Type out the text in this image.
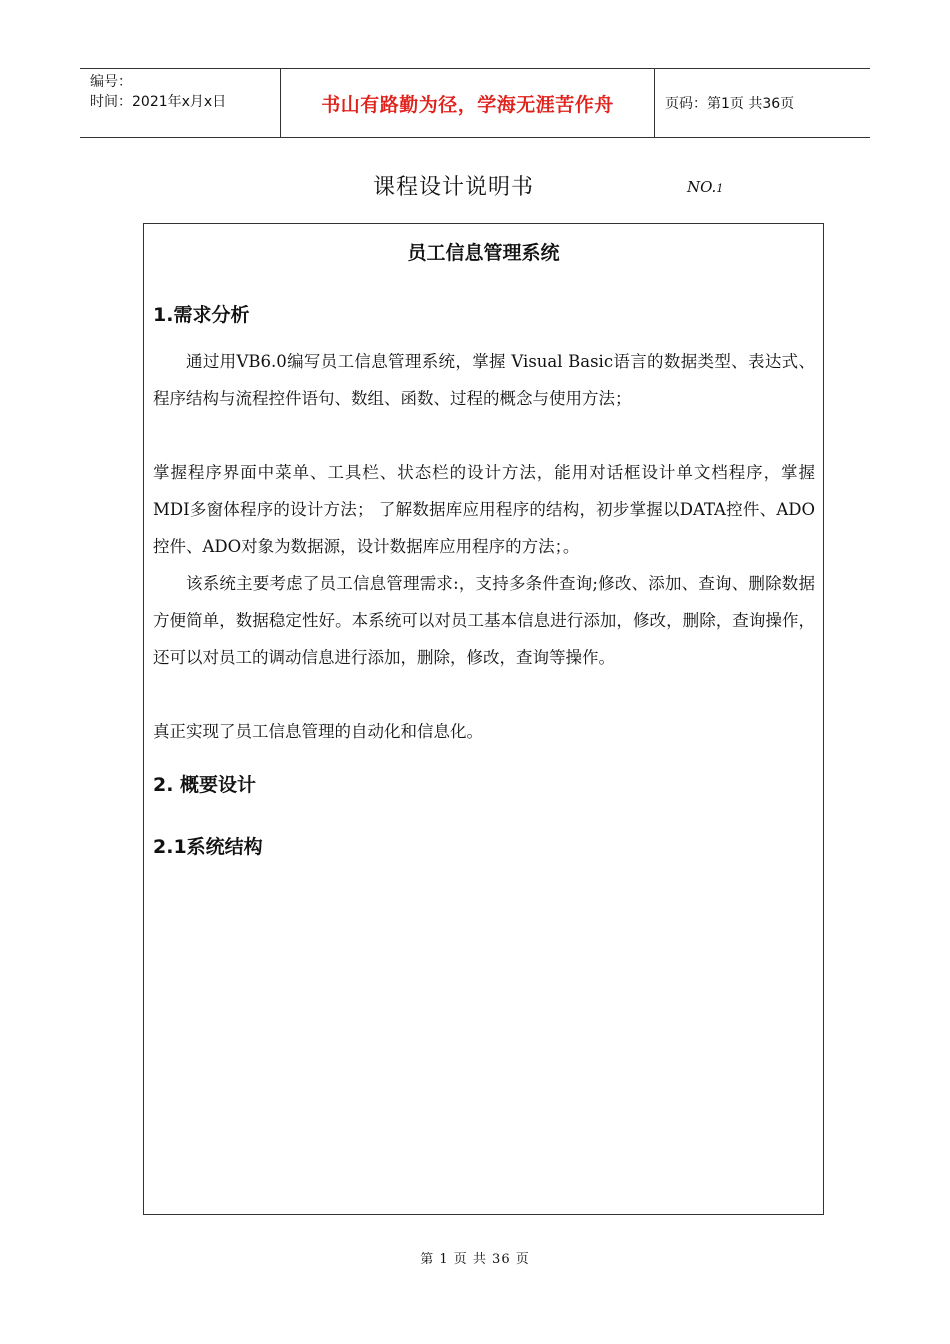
编号：
时间：2021年x月x日	书山有路勤为径，学海无涯苦作舟	页码：第1页 共36页
课程设计说明书	NO.1
员工信息管理系统
1.需求分析
通过用VB6.0编写员工信息管理系统，掌握 Visual Basic语言的数据类型、表达式、程序结构与流程控件语句、数组、函数、过程的概念与使用方法；
掌握程序界面中菜单、工具栏、状态栏的设计方法，能用对话框设计单文档程序，掌握MDI多窗体程序的设计方法； 了解数据库应用程序的结构，初步掌握以DATA控件、ADO控件、ADO对象为数据源，设计数据库应用程序的方法；。
该系统主要考虑了员工信息管理需求:，支持多条件查询;修改、添加、查询、删除数据方便简单，数据稳定性好。本系统可以对员工基本信息进行添加，修改，删除，查询操作，还可以对员工的调动信息进行添加，删除，修改，查询等操作。
真正实现了员工信息管理的自动化和信息化。
2. 概要设计
2.1系统结构
第 1 页 共 36 页
